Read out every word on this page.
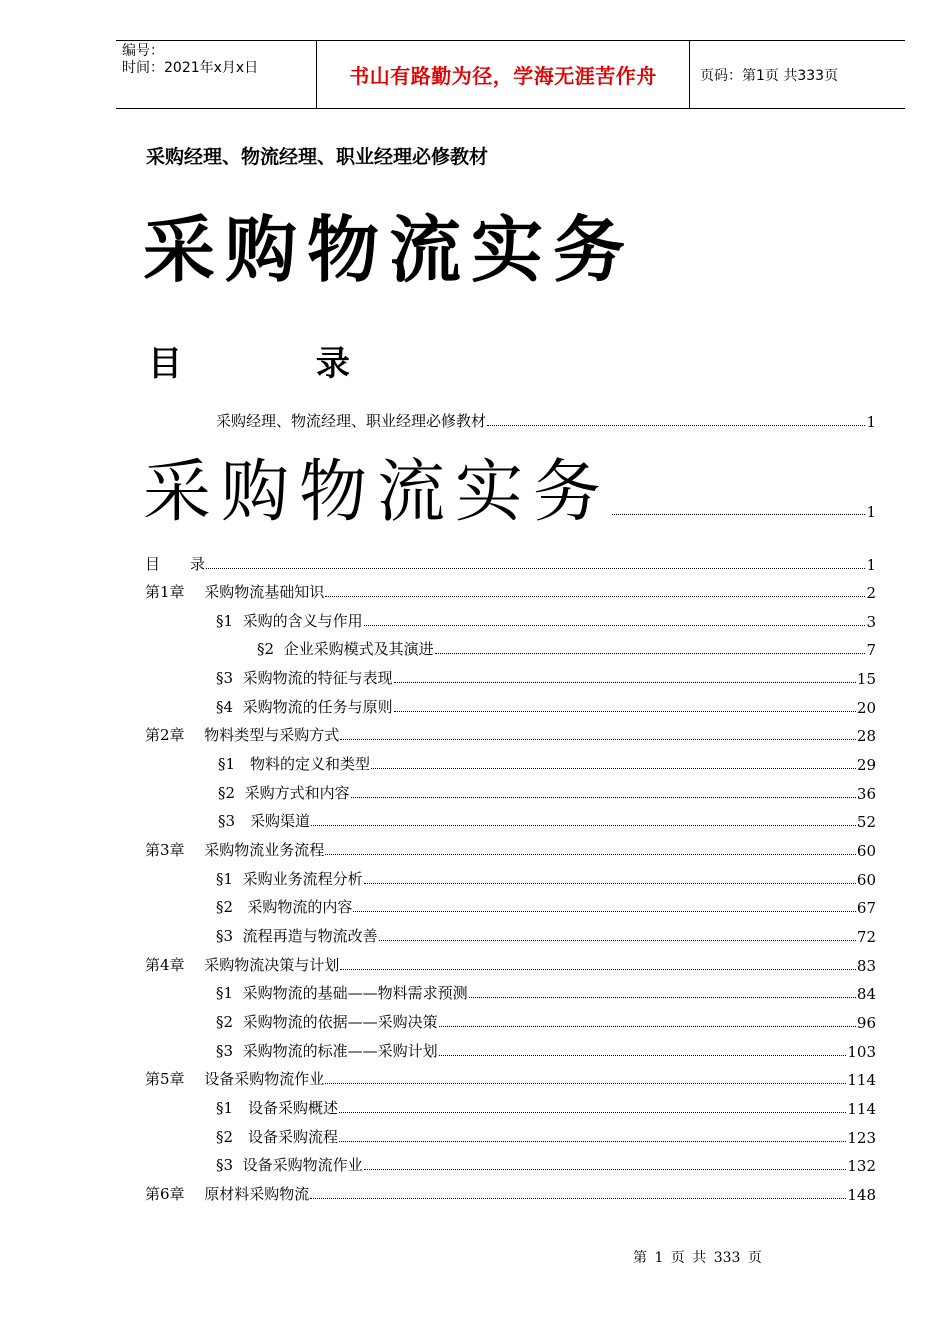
编号：
时间：2021年x月x日	书山有路勤为径，学海无涯苦作舟	页码：第1页 共333页
采购经理、物流经理、职业经理必修教材
采购物流实务
目 录
采购经理、物流经理、职业经理必修教材	1
采购物流实务	1
目　　录	1
第1章　 采购物流基础知识	2
§1  采购的含义与作用	3
§2  企业采购模式及其演进	7
§3  采购物流的特征与表现	15
§4  采购物流的任务与原则	20
第2章　 物料类型与采购方式	28
§1　物料的定义和类型	29
§2  采购方式和内容	36
§3　采购渠道	52
第3章　 采购物流业务流程	60
§1  采购业务流程分析	60
§2   采购物流的内容	67
§3  流程再造与物流改善	72
第4章　 采购物流决策与计划	83
§1  采购物流的基础——物料需求预测	84
§2  采购物流的依据——采购决策	96
§3  采购物流的标准——采购计划	103
第5章　 设备采购物流作业	114
§1　设备采购概述	114
§2　设备采购流程	123
§3  设备采购物流作业	132
第6章　 原材料采购物流	148
第 1 页 共 333 页
